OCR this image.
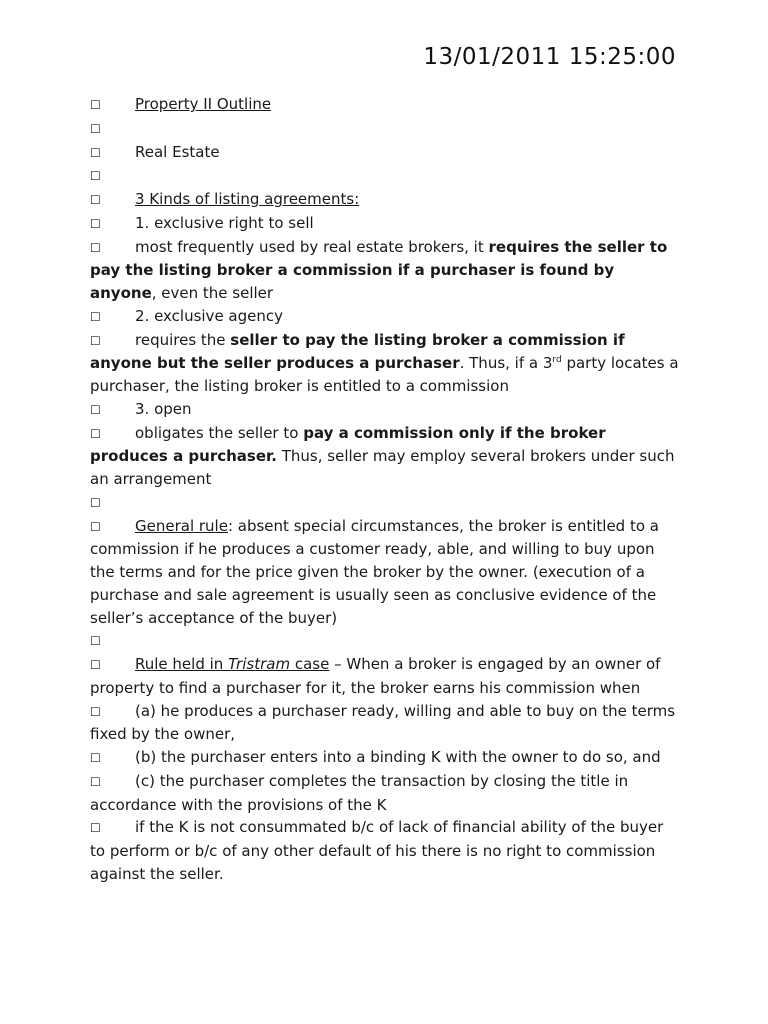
13/01/2011 15:25:00
☐ Property II Outline
☐
☐ Real Estate
☐
☐ 3 Kinds of listing agreements:
☐ 1. exclusive right to sell
☐ most frequently used by real estate brokers, it requires the seller to pay the listing broker a commission if a purchaser is found by anyone, even the seller
☐ 2. exclusive agency
☐ requires the seller to pay the listing broker a commission if anyone but the seller produces a purchaser. Thus, if a 3rd party locates a purchaser, the listing broker is entitled to a commission
☐ 3. open
☐ obligates the seller to pay a commission only if the broker produces a purchaser. Thus, seller may employ several brokers under such an arrangement
☐
☐ General rule: absent special circumstances, the broker is entitled to a commission if he produces a customer ready, able, and willing to buy upon the terms and for the price given the broker by the owner. (execution of a purchase and sale agreement is usually seen as conclusive evidence of the seller’s acceptance of the buyer)
☐
☐ Rule held in Tristram case – When a broker is engaged by an owner of property to find a purchaser for it, the broker earns his commission when
☐ (a) he produces a purchaser ready, willing and able to buy on the terms fixed by the owner,
☐ (b) the purchaser enters into a binding K with the owner to do so, and
☐ (c) the purchaser completes the transaction by closing the title in accordance with the provisions of the K
☐ if the K is not consummated b/c of lack of financial ability of the buyer to perform or b/c of any other default of his there is no right to commission against the seller.
